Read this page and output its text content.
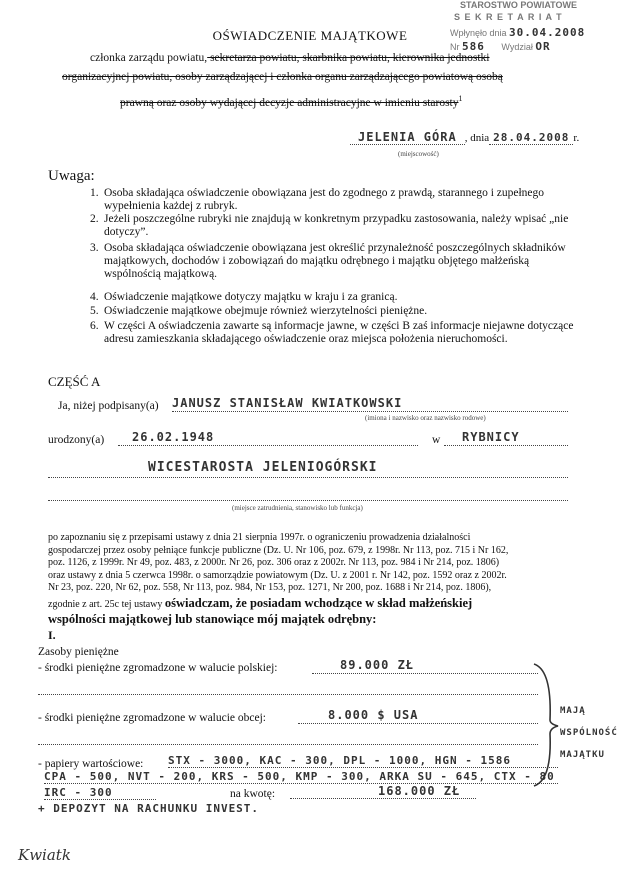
STAROSTWO POWIATOWE
S E K R E T A R I A T
Wpłynęło dnia 30.04.2008
Nr 586 Wydział OR
OŚWIADCZENIE MAJĄTKOWE
członka zarządu powiatu, sekretarza powiatu, skarbnika powiatu, kierownika jednostki
organizacyjnej powiatu, osoby zarządzającej i członka organu zarządzającego powiatową osobą
prawną oraz osoby wydającej decyzje administracyjne w imieniu starosty$^1$
JELENIA GÓRA , dnia 28.04.2008 r.
(miejscowość)
Uwaga:
1. Osoba składająca oświadczenie obowiązana jest do zgodnego z prawdą, starannego i zupełnego wypełnienia każdej z rubryk.
2. Jeżeli poszczególne rubryki nie znajdują w konkretnym przypadku zastosowania, należy wpisać „nie dotyczy”.
3. Osoba składająca oświadczenie obowiązana jest określić przynależność poszczególnych składników majątkowych, dochodów i zobowiązań do majątku odrębnego i majątku objętego małżeńską wspólnością majątkową.
4. Oświadczenie majątkowe dotyczy majątku w kraju i za granicą.
5. Oświadczenie majątkowe obejmuje również wierzytelności pieniężne.
6. W części A oświadczenia zawarte są informacje jawne, w części B zaś informacje niejawne dotyczące adresu zamieszkania składającego oświadczenie oraz miejsca położenia nieruchomości.
CZĘŚĆ A
Ja, niżej podpisany(a) JANUSZ STANISŁAW KWIATKOWSKI
(imiona i nazwisko oraz nazwisko rodowe)
urodzony(a)	26.02.1948	w	RYBNICY
WICESTAROSTA JELENIOGÓRSKI
(miejsce zatrudnienia, stanowisko lub funkcja)
po zapoznaniu się z przepisami ustawy z dnia 21 sierpnia 1997r. o ograniczeniu prowadzenia działalności
gospodarczej przez osoby pełniące funkcje publiczne (Dz. U. Nr 106, poz. 679, z 1998r. Nr 113, poz. 715 i Nr 162,
poz. 1126, z 1999r. Nr 49, poz. 483, z 2000r. Nr 26, poz. 306 oraz z 2002r. Nr 113, poz. 984 i Nr 214, poz. 1806)
oraz ustawy z dnia 5 czerwca 1998r. o samorządzie powiatowym (Dz. U. z 2001 r. Nr 142, poz. 1592 oraz z 2002r.
Nr 23, poz. 220, Nr 62, poz. 558, Nr 113, poz. 984, Nr 153, poz. 1271, Nr 200, poz. 1688 i Nr 214, poz. 1806),
zgodnie z art. 25c tej ustawy oświadczam, że posiadam wchodzące w skład małżeńskiej
wspólności majątkowej lub stanowiące mój majątek odrębny:
I.
Zasoby pieniężne
- środki pieniężne zgromadzone w walucie polskiej:	89.000 ZŁ
- środki pieniężne zgromadzone w walucie obcej:	8.000 $ USA
- papiery wartościowe: STX - 3000, KAC - 300, DPL - 1000, HGN - 1586
CPA - 500, NVT - 200, KRS - 500, KMP - 300, ARKA SU - 645, CTX - 80
IRC - 300	na kwotę:	168.000 ZŁ
+ DEPOZYT NA RACHUNKU INVEST.
MAJĄ
WSPÓLNOŚĆ
MAJĄTKU
Kwiatk
